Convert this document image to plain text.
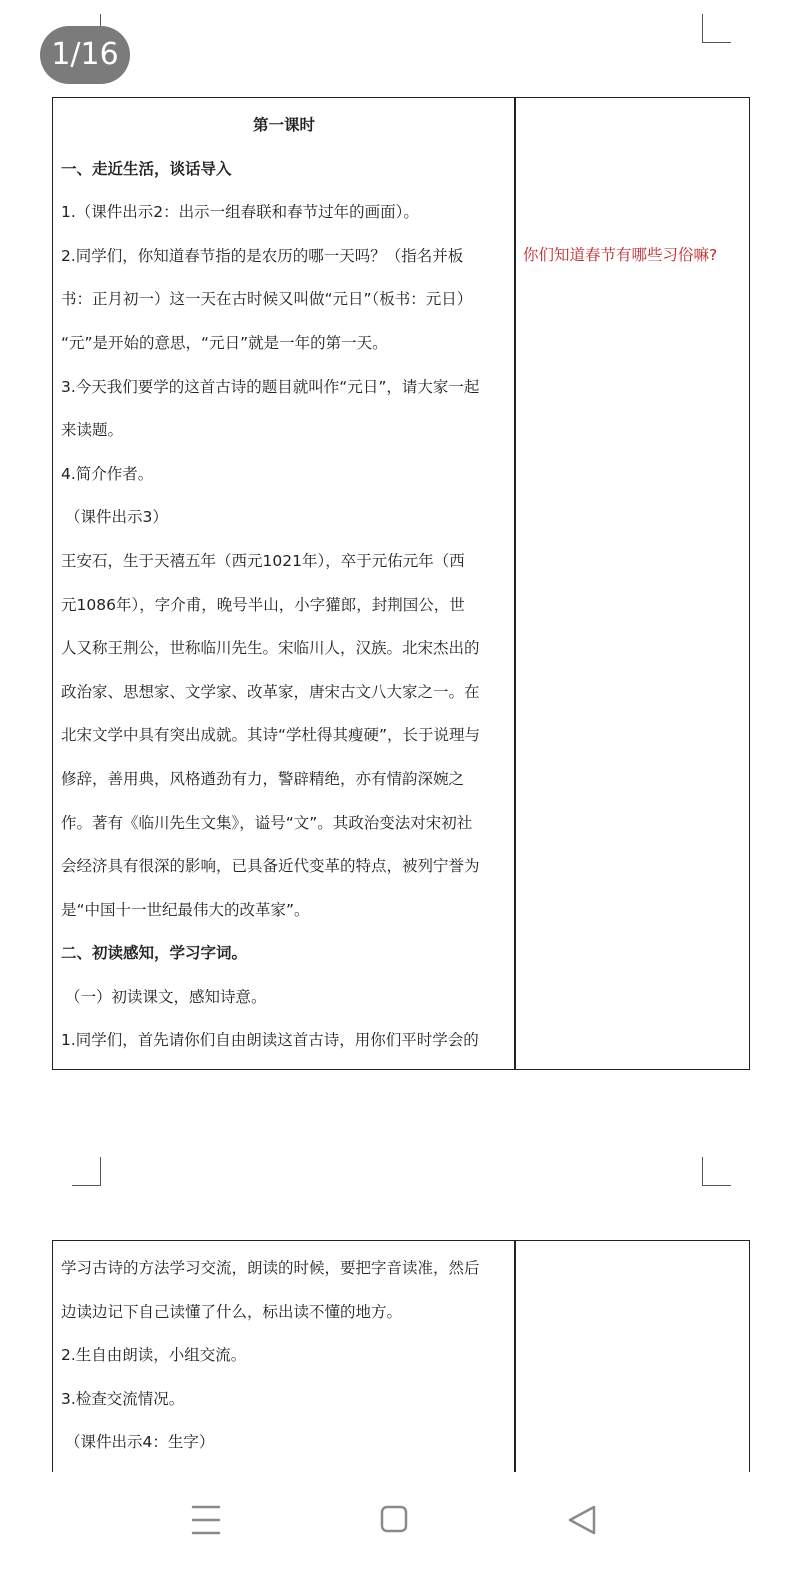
1/16
第一课时
一、走近生活，谈话导入
1.（课件出示2：出示一组春联和春节过年的画面）。
2.同学们，你知道春节指的是农历的哪一天吗？（指名并板
书：正月初一）这一天在古时候又叫做“元日”（板书：元日）
“元”是开始的意思，“元日”就是一年的第一天。
3.今天我们要学的这首古诗的题目就叫作“元日”，请大家一起
来读题。
4.简介作者。
（课件出示3）
王安石，生于天禧五年（西元1021年），卒于元佑元年（西
元1086年），字介甫，晚号半山，小字獾郎，封荆国公，世
人又称王荆公，世称临川先生。宋临川人，汉族。北宋杰出的
政治家、思想家、文学家、改革家，唐宋古文八大家之一。在
北宋文学中具有突出成就。其诗“学杜得其瘦硬”，长于说理与
修辞，善用典，风格遒劲有力，警辟精绝，亦有情韵深婉之
作。著有《临川先生文集》，谥号“文”。其政治变法对宋初社
会经济具有很深的影响，已具备近代变革的特点，被列宁誉为
是“中国十一世纪最伟大的改革家”。
二、初读感知，学习字词。
（一）初读课文，感知诗意。
1.同学们，首先请你们自由朗读这首古诗，用你们平时学会的
你们知道春节有哪些习俗嘛?
学习古诗的方法学习交流，朗读的时候，要把字音读准，然后
边读边记下自己读懂了什么，标出读不懂的地方。
2.生自由朗读，小组交流。
3.检查交流情况。
（课件出示4：生字）
